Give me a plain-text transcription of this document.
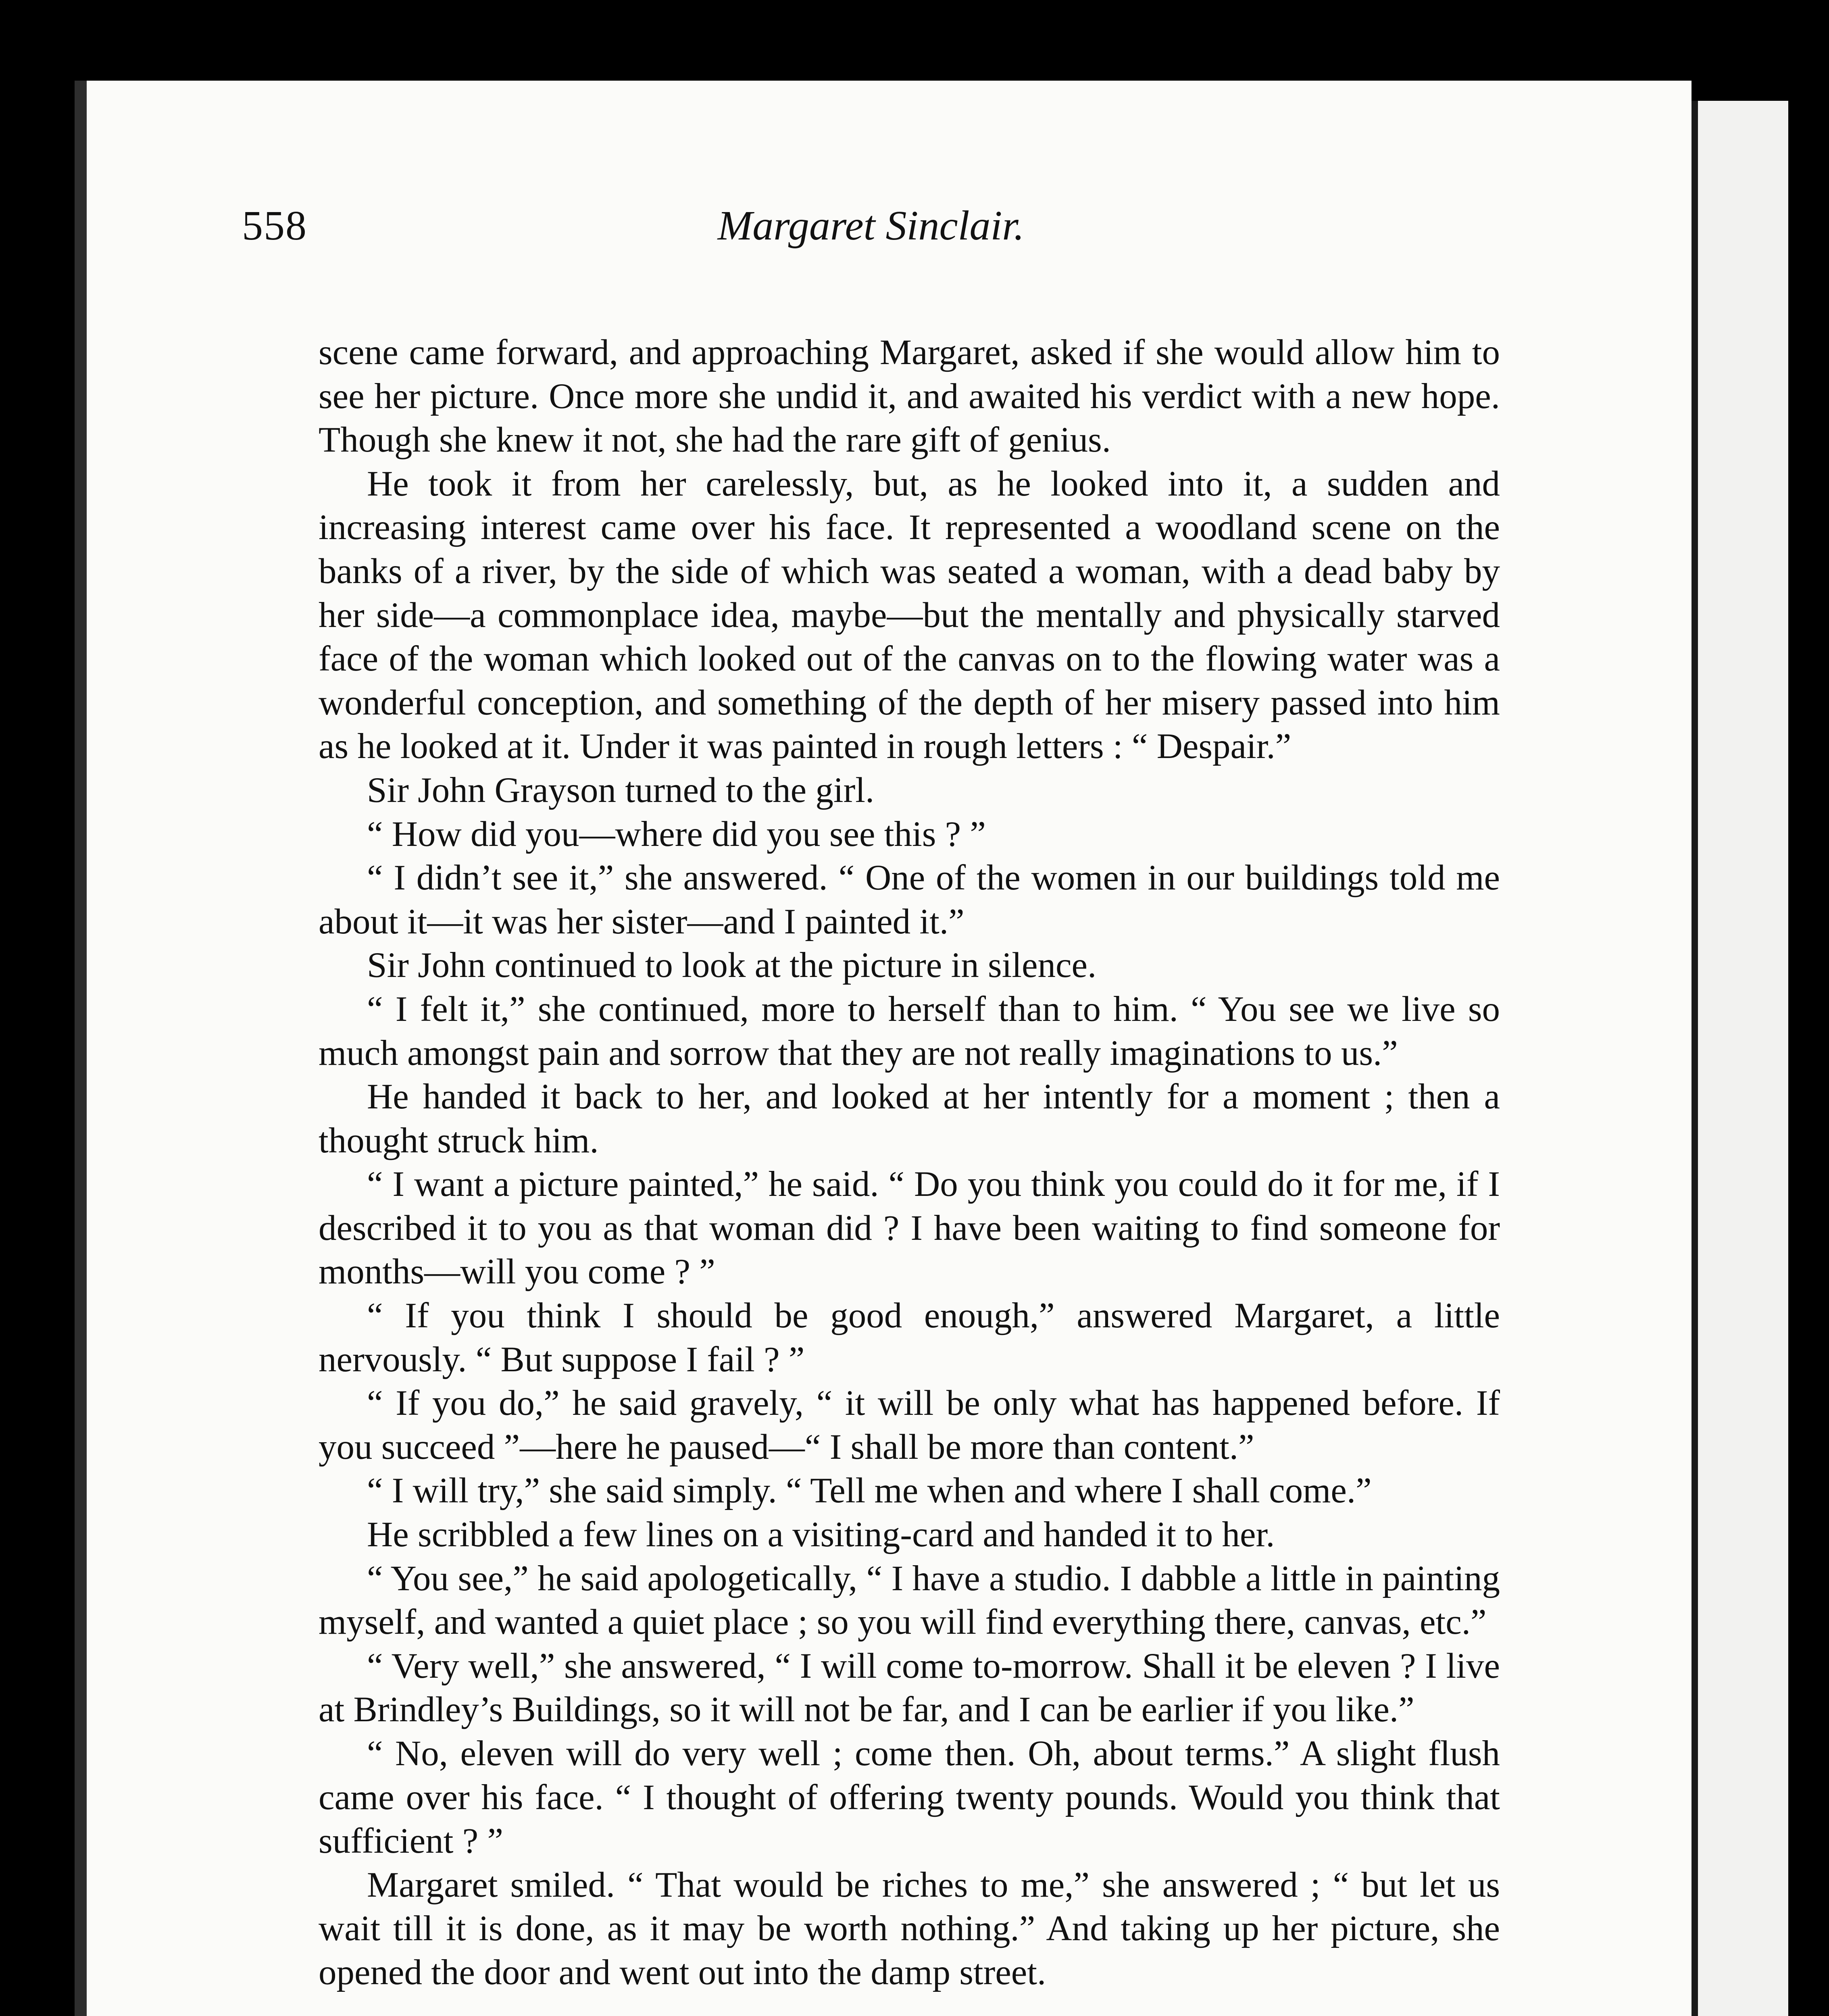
558	Margaret Sinclair.

scene came forward, and approaching Margaret, asked if she would allow him to see her picture. Once more she undid it, and awaited his verdict with a new hope. Though she knew it not, she had the rare gift of genius.

He took it from her carelessly, but, as he looked into it, a sudden and increasing interest came over his face. It represented a woodland scene on the banks of a river, by the side of which was seated a woman, with a dead baby by her side—a commonplace idea, maybe—but the mentally and physically starved face of the woman which looked out of the canvas on to the flowing water was a wonderful conception, and something of the depth of her misery passed into him as he looked at it. Under it was painted in rough letters : “ Despair.”

Sir John Grayson turned to the girl.

“ How did you—where did you see this ? ”

“ I didn’t see it,” she answered. “ One of the women in our buildings told me about it—it was her sister—and I painted it.”

Sir John continued to look at the picture in silence.

“ I felt it,” she continued, more to herself than to him. “ You see we live so much amongst pain and sorrow that they are not really imaginations to us.”

He handed it back to her, and looked at her intently for a moment ; then a thought struck him.

“ I want a picture painted,” he said. “ Do you think you could do it for me, if I described it to you as that woman did ? I have been waiting to find someone for months—will you come ? ”

“ If you think I should be good enough,” answered Margaret, a little nervously. “ But suppose I fail ? ”

“ If you do,” he said gravely, “ it will be only what has happened before. If you succeed ”—here he paused—“ I shall be more than content.”

“ I will try,” she said simply. “ Tell me when and where I shall come.”

He scribbled a few lines on a visiting-card and handed it to her.

“ You see,” he said apologetically, “ I have a studio. I dabble a little in painting myself, and wanted a quiet place ; so you will find everything there, canvas, etc.”

“ Very well,” she answered, “ I will come to-morrow. Shall it be eleven ? I live at Brindley’s Buildings, so it will not be far, and I can be earlier if you like.”

“ No, eleven will do very well ; come then. Oh, about terms.” A slight flush came over his face. “ I thought of offering twenty pounds. Would you think that sufficient ? ”

Margaret smiled. “ That would be riches to me,” she answered ; “ but let us wait till it is done, as it may be worth nothing.” And taking up her picture, she opened the door and went out into the damp street.
